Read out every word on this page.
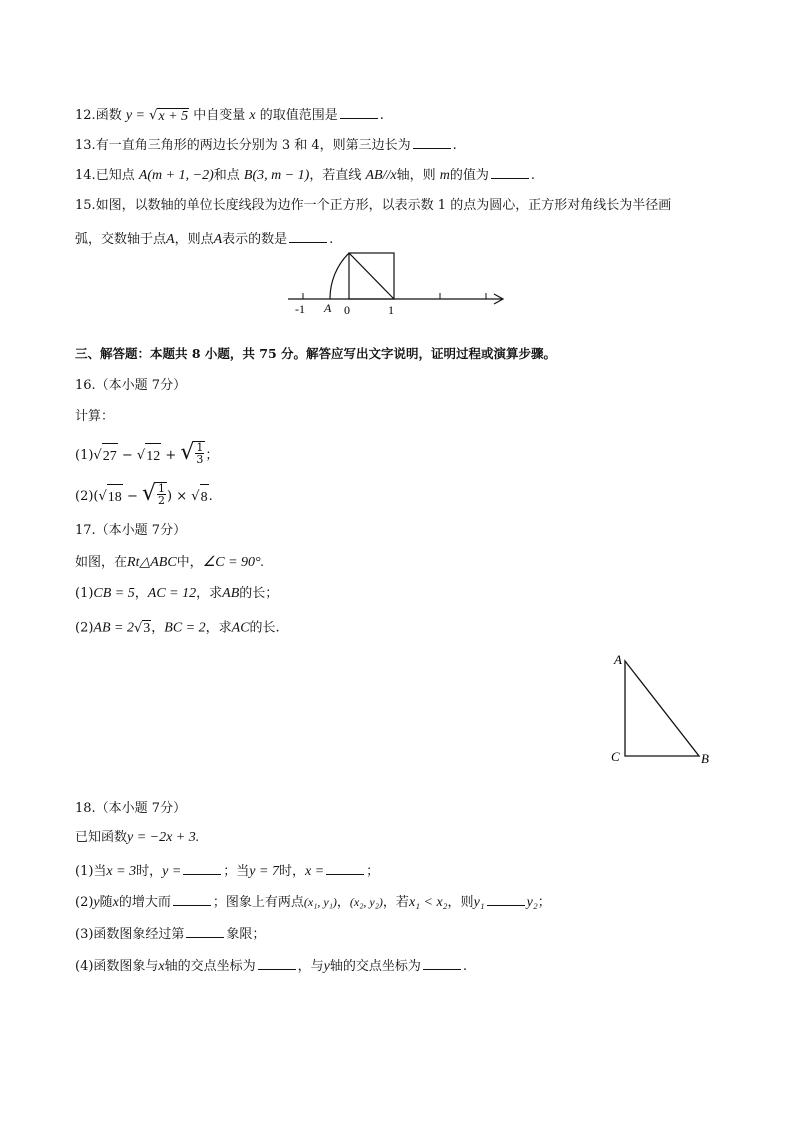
12.函数 y = √ x + 5 中自变量 x 的取值范围是	.
13.有一直角三角形的两边长分别为 3 和 4，则第三边长为	.
14.已知点 A(m + 1, −2)和点 B(3, m − 1)，若直线 AB//x轴，则 m的值为	.
15.如图，以数轴的单位长度线段为边作一个正方形，以表示数 1 的点为圆心，正方形对角线长为半径画
弧，交数轴于点A，则点A表示的数是	.
-1 A 0	1
三、解答题：本题共 8 小题，共 75 分。解答应写出文字说明，证明过程或演算步骤。
16.（本小题 7分）
计算：
(1)√ 27 − √ 12 + √ $\frac{1}{3}$ ；
(2)(√ 18 − √ $\frac{1}{2}$ ) × √ 8 .
17.（本小题 7分）
如图，在Rt△ABC中，∠C = 90°.
(1)CB = 5，AC = 12，求AB的长；
(2)AB = 2√ 3 ，BC = 2，求AC的长.
A
C	B
18.（本小题 7分）
已知函数y = −2x + 3.
(1)当x = 3时，y =	；当y = 7时，x =	；
(2)y随x的增大而	；图象上有两点(x₁, y₁)，(x₂, y₂)，若x₁ < x₂，则y₁	y₂；
(3)函数图象经过第	象限；
(4)函数图象与x轴的交点坐标为	，与y轴的交点坐标为	.
